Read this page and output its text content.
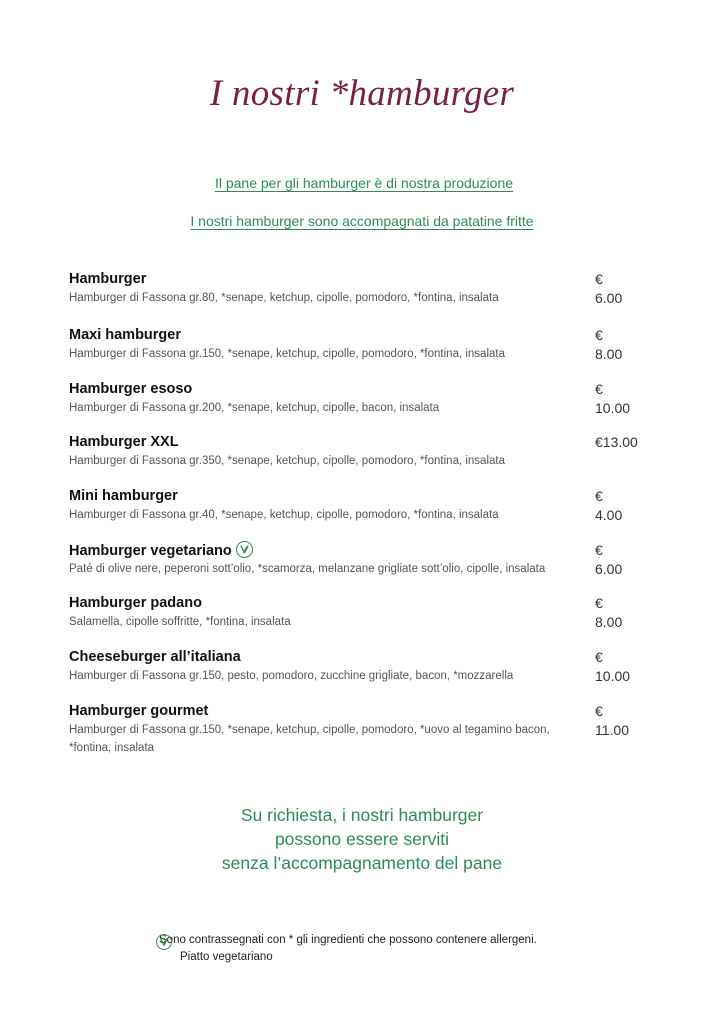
I nostri *hamburger
Il pane per gli hamburger è di nostra produzione
I nostri hamburger sono accompagnati da patatine fritte
Hamburger
Hamburger di Fassona gr.80, *senape, ketchup, cipolle, pomodoro, *fontina, insalata
€ 6.00
Maxi hamburger
Hamburger di Fassona gr.150, *senape, ketchup, cipolle, pomodoro, *fontina, insalata
€ 8.00
Hamburger esoso
Hamburger di Fassona gr.200, *senape, ketchup, cipolle, bacon, insalata
€ 10.00
Hamburger XXL
Hamburger di Fassona gr.350, *senape, ketchup, cipolle, pomodoro, *fontina, insalata
€13.00
Mini hamburger
Hamburger di Fassona gr.40, *senape, ketchup, cipolle, pomodoro, *fontina, insalata
€ 4.00
Hamburger vegetariano
Paté di olive nere, peperoni sott’olio, *scamorza, melanzane grigliate sott’olio, cipolle, insalata
€ 6.00
Hamburger padano
Salamella, cipolle soffritte, *fontina, insalata
€ 8.00
Cheeseburger all’italiana
Hamburger di Fassona gr.150, pesto, pomodoro, zucchine grigliate, bacon, *mozzarella
€ 10.00
Hamburger gourmet
Hamburger di Fassona gr.150, *senape, ketchup, cipolle, pomodoro, *uovo al tegamino bacon, *fontina, insalata
€ 11.00
Su richiesta, i nostri hamburger
possono essere serviti
senza l’accompagnamento del pane
Sono contrassegnati con * gli ingredienti che possono contenere allergeni.
Piatto vegetariano
